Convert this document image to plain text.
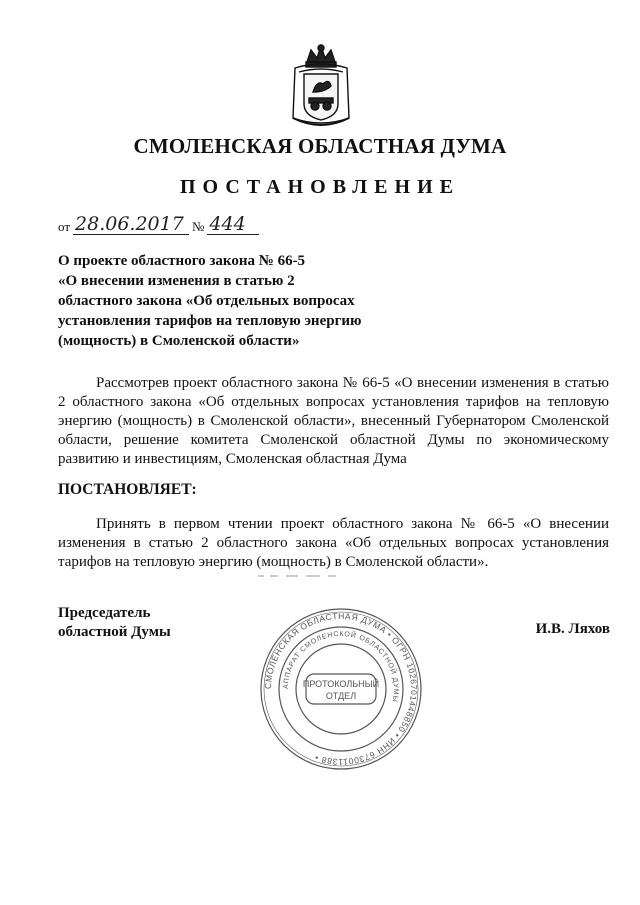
СМОЛЕНСКАЯ ОБЛАСТНАЯ ДУМА
ПОСТАНОВЛЕНИЕ
от 28.06.2017 № 444
О проекте областного закона № 66-5
«О внесении изменения в статью 2
областного закона «Об отдельных вопросах
установления тарифов на тепловую энергию
(мощность) в Смоленской области»
Рассмотрев проект областного закона № 66-5 «О внесении изменения в статью 2 областного закона «Об отдельных вопросах установления тарифов на тепловую энергию (мощность) в Смоленской области», внесенный Губернатором Смоленской области, решение комитета Смоленской областной Думы по экономическому развитию и инвестициям, Смоленская областная Дума
ПОСТАНОВЛЯЕТ:
Принять в первом чтении проект областного закона № 66-5 «О внесении изменения в статью 2 областного закона «Об отдельных вопросах установления тарифов на тепловую энергию (мощность) в Смоленской области».
Председатель
областной Думы	И.В. Ляхов
СМОЛЕНСКАЯ ОБЛАСТНАЯ ДУМА • ОГРН 1026701448850 • ИНН 6730011388 •
АППАРАТ СМОЛЕНСКОЙ ОБЛАСТНОЙ ДУМЫ
ПРОТОКОЛЬНЫЙ
ОТДЕЛ
